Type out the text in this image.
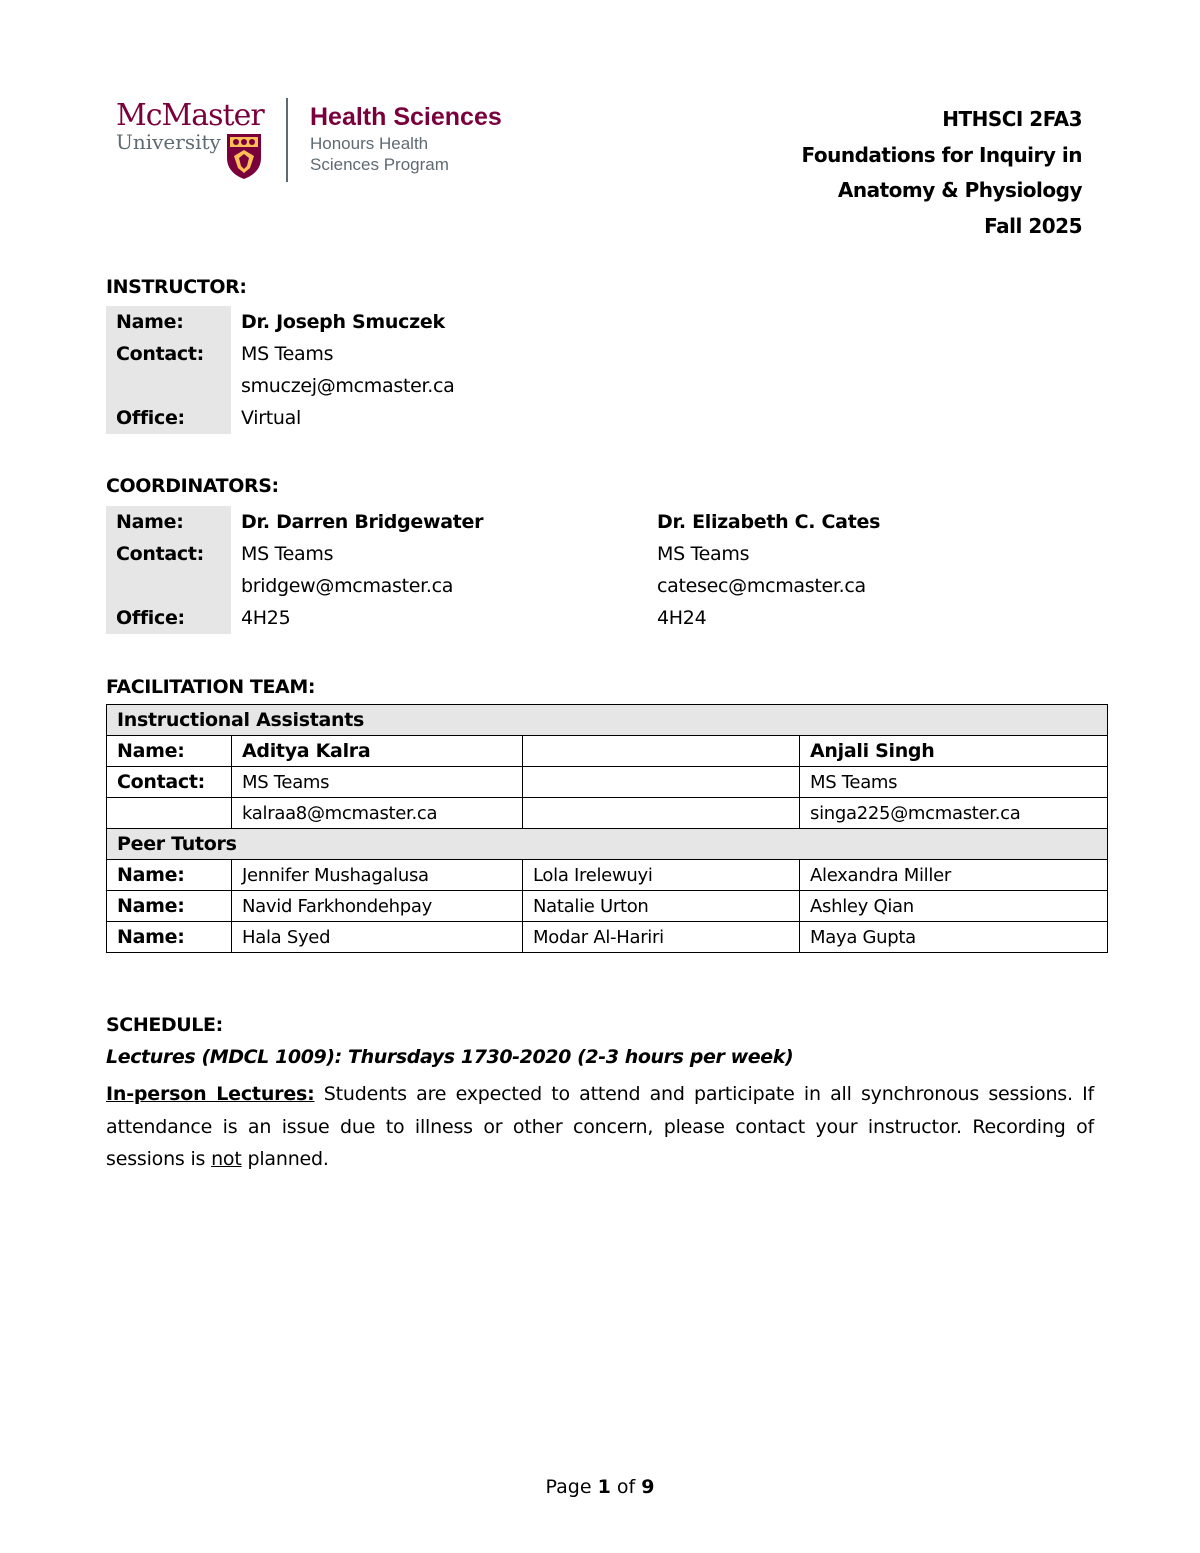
McMaster
University
Health Sciences
Honours Health
Sciences Program
HTHSCI 2FA3
Foundations for Inquiry in
Anatomy & Physiology
Fall 2025
INSTRUCTOR:
Name:	Dr. Joseph Smuczek
Contact:	MS Teams
	smuczej@mcmaster.ca
Office:	Virtual
COORDINATORS:
Name:	Dr. Darren Bridgewater	Dr. Elizabeth C. Cates
Contact:	MS Teams	MS Teams
	bridgew@mcmaster.ca	catesec@mcmaster.ca
Office:	4H25	4H24
FACILITATION TEAM:
Instructional Assistants			
Name:	Aditya Kalra		Anjali Singh
Contact:	MS Teams		MS Teams
	kalraa8@mcmaster.ca		singa225@mcmaster.ca
Peer Tutors			
Name:	Jennifer Mushagalusa	Lola Irelewuyi	Alexandra Miller
Name:	Navid Farkhondehpay	Natalie Urton	Ashley Qian
Name:	Hala Syed	Modar Al-Hariri	Maya Gupta
SCHEDULE:
Lectures (MDCL 1009): Thursdays 1730-2020 (2-3 hours per week)
In-person Lectures: Students are expected to attend and participate in all synchronous sessions. If attendance is an issue due to illness or other concern, please contact your instructor. Recording of sessions is not planned.
Page 1 of 9
